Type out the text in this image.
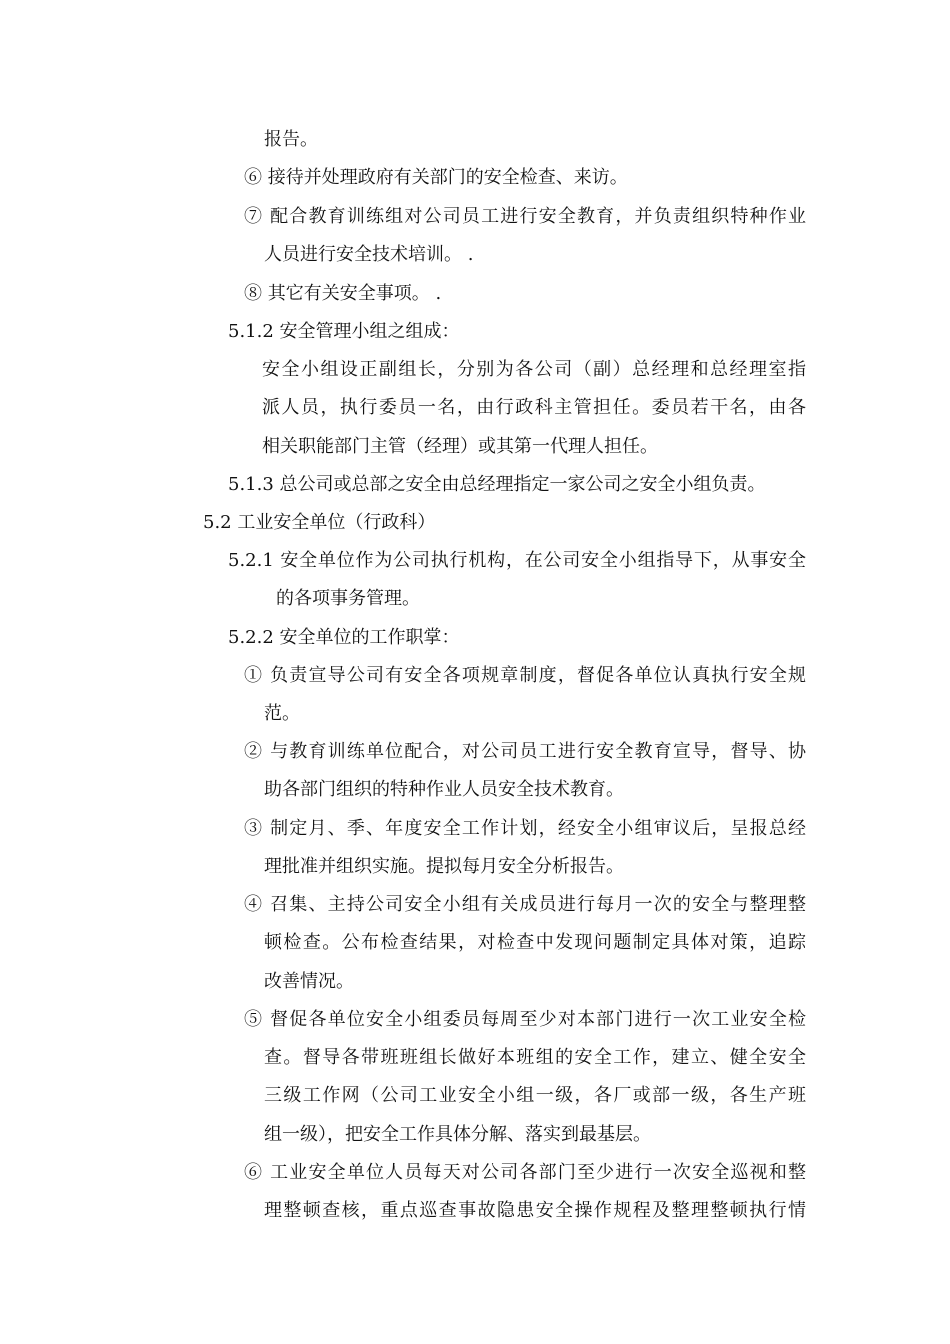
报告。
⑥ 接待并处理政府有关部门的安全检查、来访。
⑦ 配合教育训练组对公司员工进行安全教育，并负责组织特种作业
人员进行安全技术培训。 .
⑧ 其它有关安全事项。 .
5.1.2 安全管理小组之组成：
安全小组设正副组长，分别为各公司（副）总经理和总经理室指
派人员，执行委员一名，由行政科主管担任。委员若干名，由各
相关职能部门主管（经理）或其第一代理人担任。
5.1.3 总公司或总部之安全由总经理指定一家公司之安全小组负责。
5.2 工业安全单位（行政科）
5.2.1 安全单位作为公司执行机构，在公司安全小组指导下，从事安全
的各项事务管理。
5.2.2 安全单位的工作职掌：
① 负责宣导公司有安全各项规章制度，督促各单位认真执行安全规
范。
② 与教育训练单位配合，对公司员工进行安全教育宣导，督导、协
助各部门组织的特种作业人员安全技术教育。
③ 制定月、季、年度安全工作计划，经安全小组审议后，呈报总经
理批准并组织实施。提拟每月安全分析报告。
④ 召集、主持公司安全小组有关成员进行每月一次的安全与整理整
顿检查。公布检查结果，对检查中发现问题制定具体对策，追踪
改善情况。
⑤ 督促各单位安全小组委员每周至少对本部门进行一次工业安全检
查。督导各带班班组长做好本班组的安全工作，建立、健全安全
三级工作网（公司工业安全小组一级，各厂或部一级，各生产班
组一级），把安全工作具体分解、落实到最基层。
⑥ 工业安全单位人员每天对公司各部门至少进行一次安全巡视和整
理整顿查核，重点巡查事故隐患安全操作规程及整理整顿执行情
